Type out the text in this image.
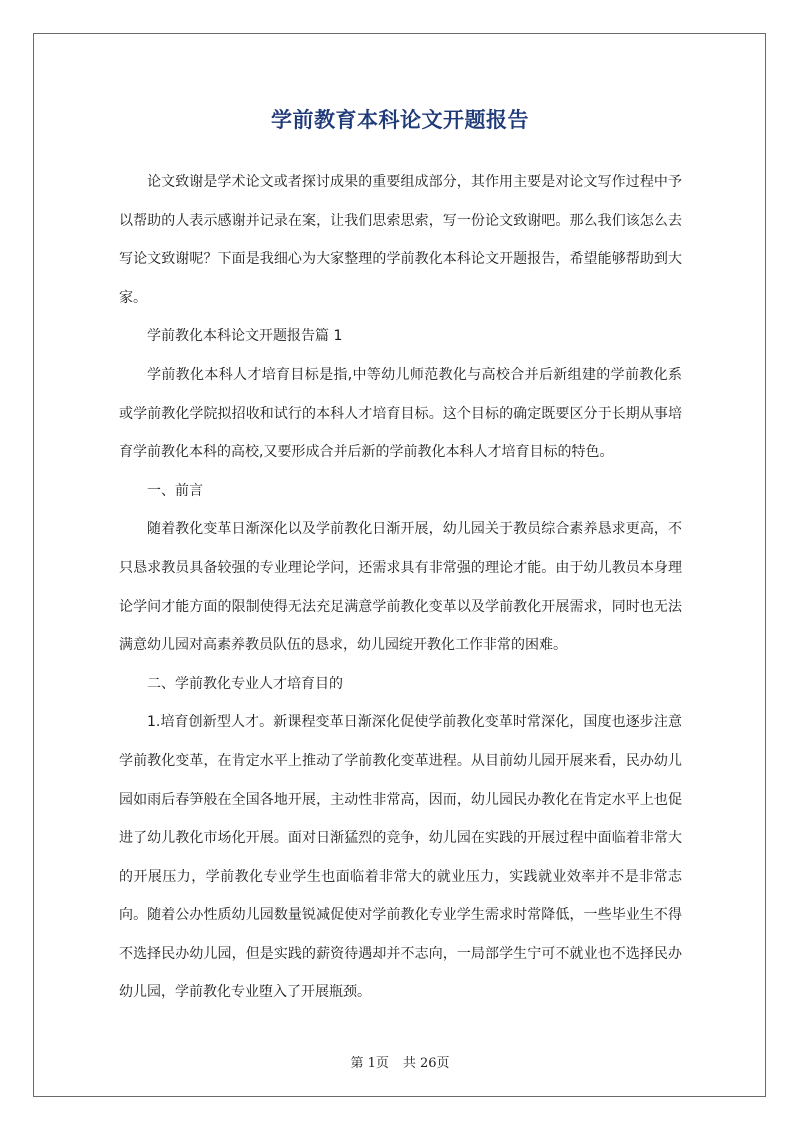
学前教育本科论文开题报告

论文致谢是学术论文或者探讨成果的重要组成部分，其作用主要是对论文写作过程中予以帮助的人表示感谢并记录在案，让我们思索思索，写一份论文致谢吧。那么我们该怎么去写论文致谢呢？下面是我细心为大家整理的学前教化本科论文开题报告，希望能够帮助到大家。

学前教化本科论文开题报告篇 1

学前教化本科人才培育目标是指,中等幼儿师范教化与高校合并后新组建的学前教化系或学前教化学院拟招收和试行的本科人才培育目标。这个目标的确定既要区分于长期从事培育学前教化本科的高校,又要形成合并后新的学前教化本科人才培育目标的特色。

一、前言

随着教化变革日渐深化以及学前教化日渐开展，幼儿园关于教员综合素养恳求更高，不只恳求教员具备较强的专业理论学问，还需求具有非常强的理论才能。由于幼儿教员本身理论学问才能方面的限制使得无法充足满意学前教化变革以及学前教化开展需求，同时也无法满意幼儿园对高素养教员队伍的恳求，幼儿园绽开教化工作非常的困难。

二、学前教化专业人才培育目的

1.培育创新型人才。新课程变革日渐深化促使学前教化变革时常深化，国度也逐步注意学前教化变革，在肯定水平上推动了学前教化变革进程。从目前幼儿园开展来看，民办幼儿园如雨后春笋般在全国各地开展，主动性非常高，因而，幼儿园民办教化在肯定水平上也促进了幼儿教化市场化开展。面对日渐猛烈的竞争，幼儿园在实践的开展过程中面临着非常大的开展压力，学前教化专业学生也面临着非常大的就业压力，实践就业效率并不是非常志向。随着公办性质幼儿园数量锐减促使对学前教化专业学生需求时常降低，一些毕业生不得不选择民办幼儿园，但是实践的薪资待遇却并不志向，一局部学生宁可不就业也不选择民办幼儿园，学前教化专业堕入了开展瓶颈。

第 1页 共 26页
